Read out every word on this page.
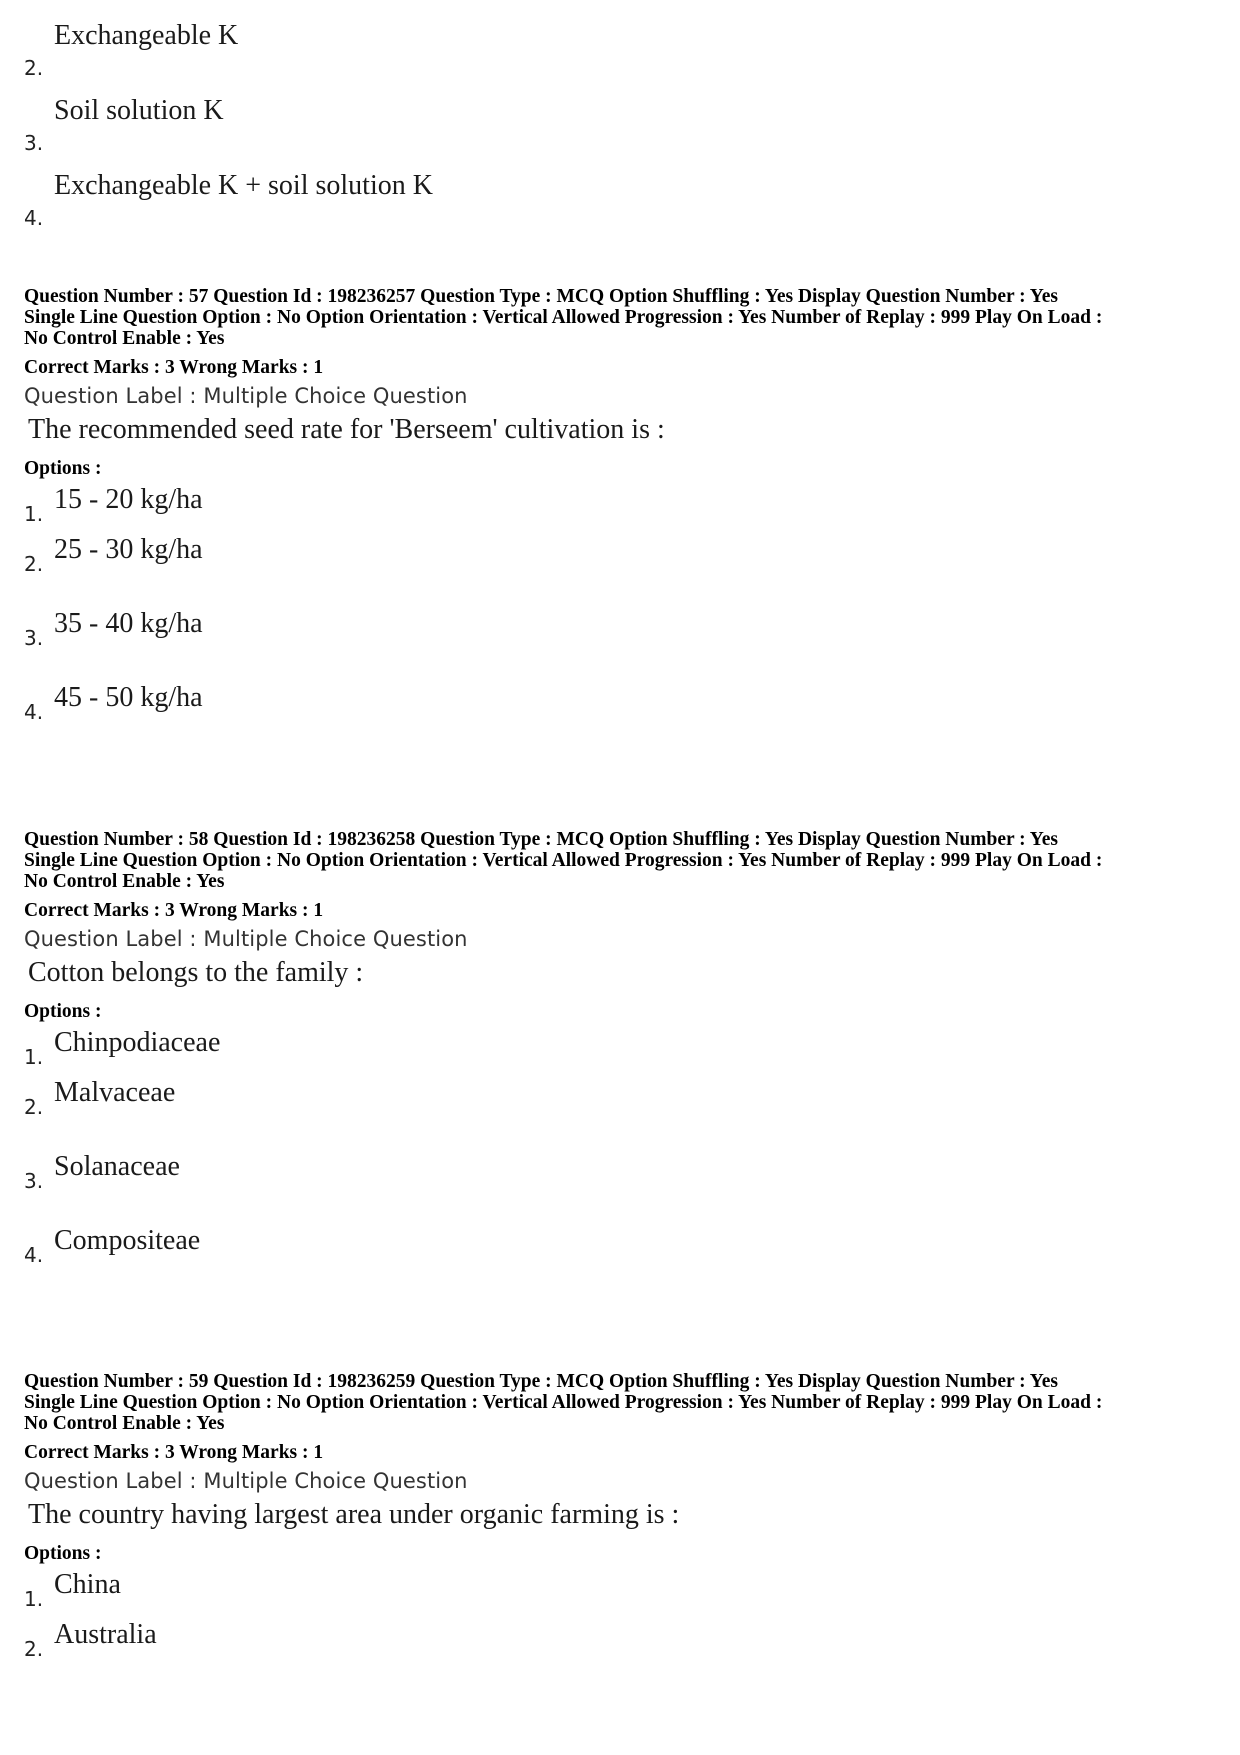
2.
Exchangeable K
3.
Soil solution K
4.
Exchangeable K + soil solution K
Question Number : 57 Question Id : 198236257 Question Type : MCQ Option Shuffling : Yes Display Question Number : Yes
Single Line Question Option : No Option Orientation : Vertical Allowed Progression : Yes Number of Replay : 999 Play On Load :
No Control Enable : Yes
Correct Marks : 3 Wrong Marks : 1
Question Label : Multiple Choice Question
The recommended seed rate for 'Berseem' cultivation is :
Options :
1. 15 - 20 kg/ha
2. 25 - 30 kg/ha
3. 35 - 40 kg/ha
4. 45 - 50 kg/ha
Question Number : 58 Question Id : 198236258 Question Type : MCQ Option Shuffling : Yes Display Question Number : Yes
Single Line Question Option : No Option Orientation : Vertical Allowed Progression : Yes Number of Replay : 999 Play On Load :
No Control Enable : Yes
Correct Marks : 3 Wrong Marks : 1
Question Label : Multiple Choice Question
Cotton belongs to the family :
Options :
1. Chinpodiaceae
2. Malvaceae
3. Solanaceae
4. Compositeae
Question Number : 59 Question Id : 198236259 Question Type : MCQ Option Shuffling : Yes Display Question Number : Yes
Single Line Question Option : No Option Orientation : Vertical Allowed Progression : Yes Number of Replay : 999 Play On Load :
No Control Enable : Yes
Correct Marks : 3 Wrong Marks : 1
Question Label : Multiple Choice Question
The country having largest area under organic farming is :
Options :
1. China
2. Australia
